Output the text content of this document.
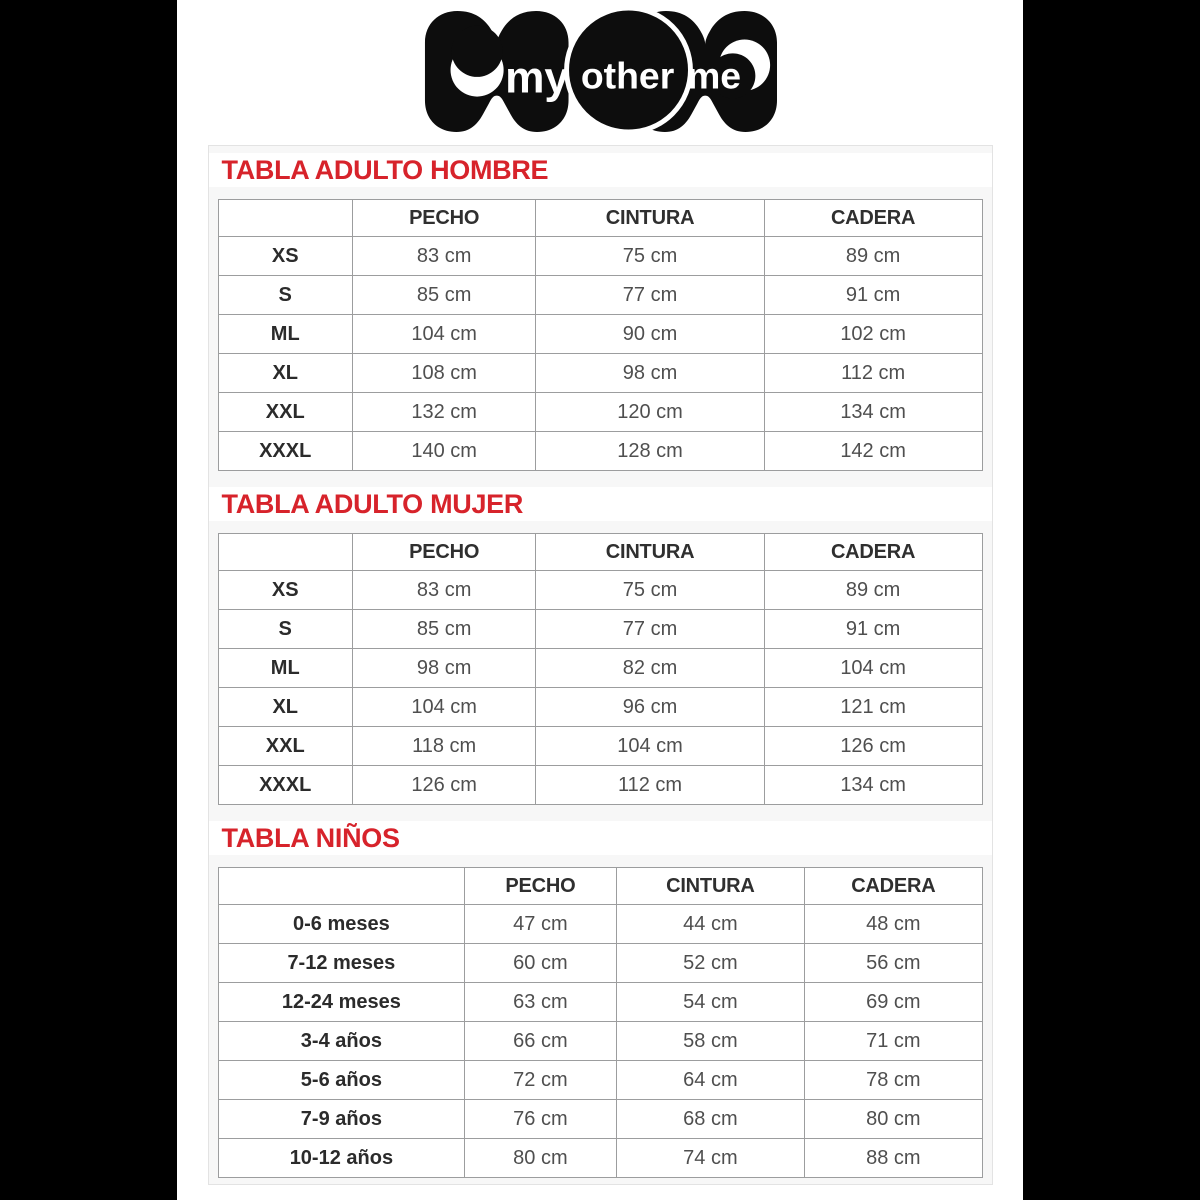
my other me
TABLA ADULTO HOMBRE
	PECHO	CINTURA	CADERA
XS	83 cm	75 cm	89 cm
S	85 cm	77 cm	91 cm
ML	104 cm	90 cm	102 cm
XL	108 cm	98 cm	112 cm
XXL	132 cm	120 cm	134 cm
XXXL	140 cm	128 cm	142 cm
TABLA ADULTO MUJER
	PECHO	CINTURA	CADERA
XS	83 cm	75 cm	89 cm
S	85 cm	77 cm	91 cm
ML	98 cm	82 cm	104 cm
XL	104 cm	96 cm	121 cm
XXL	118 cm	104 cm	126 cm
XXXL	126 cm	112 cm	134 cm
TABLA NIÑOS
	PECHO	CINTURA	CADERA
0-6 meses	47 cm	44 cm	48 cm
7-12 meses	60 cm	52 cm	56 cm
12-24 meses	63 cm	54 cm	69 cm
3-4 años	66 cm	58 cm	71 cm
5-6 años	72 cm	64 cm	78 cm
7-9 años	76 cm	68 cm	80 cm
10-12 años	80 cm	74 cm	88 cm
